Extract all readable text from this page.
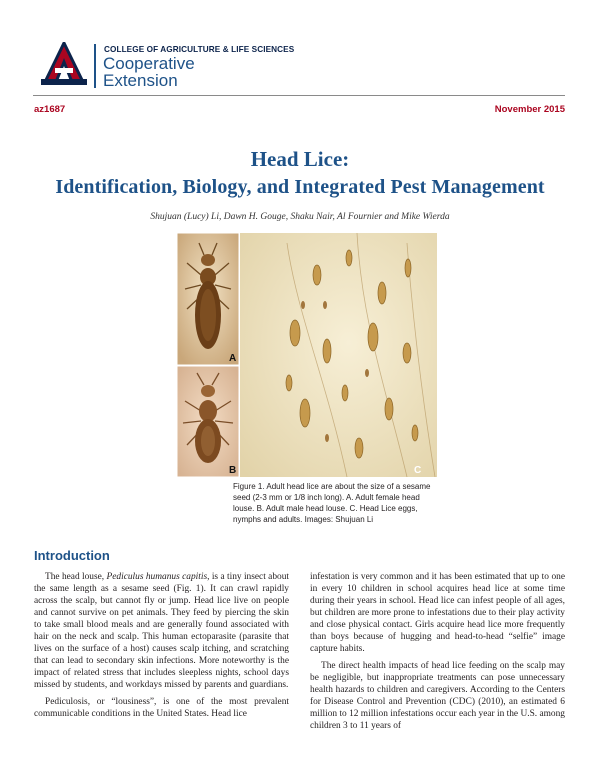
COLLEGE OF AGRICULTURE & LIFE SCIENCES
Cooperative
Extension
az1687	November 2015
Head Lice:
Identification, Biology, and Integrated Pest Management
Shujuan (Lucy) Li, Dawn H. Gouge, Shaku Nair, Al Fournier and Mike Wierda
A
B	C
Figure 1. Adult head lice are about the size of a sesame seed (2-3 mm or 1/8 inch long). A. Adult female head louse. B. Adult male head louse. C. Head Lice eggs, nymphs and adults. Images: Shujuan Li
Introduction

The head louse, Pediculus humanus capitis, is a tiny insect about the same length as a sesame seed (Fig. 1). It can crawl rapidly across the scalp, but cannot fly or jump. Head lice live on people and cannot survive on pet animals. They feed by piercing the skin to take small blood meals and are generally found associated with hair on the neck and scalp. This human ectoparasite (parasite that lives on the surface of a host) causes scalp itching, and scratching that can lead to secondary skin infections. More noteworthy is the impact of related stress that includes sleepless nights, school days missed by students, and workdays missed by parents and guardians.

Pediculosis, or “lousiness”, is one of the most prevalent communicable conditions in the United States. Head lice

infestation is very common and it has been estimated that up to one in every 10 children in school acquires head lice at some time during their years in school. Head lice can infest people of all ages, but children are more prone to infestations due to their play activity and close physical contact. Girls acquire head lice more frequently than boys because of hugging and head-to-head “selfie” image capture habits.

The direct health impacts of head lice feeding on the scalp may be negligible, but inappropriate treatments can pose unnecessary health hazards to children and caregivers. According to the Centers for Disease Control and Prevention (CDC) (2010), an estimated 6 million to 12 million infestations occur each year in the U.S. among children 3 to 11 years of
